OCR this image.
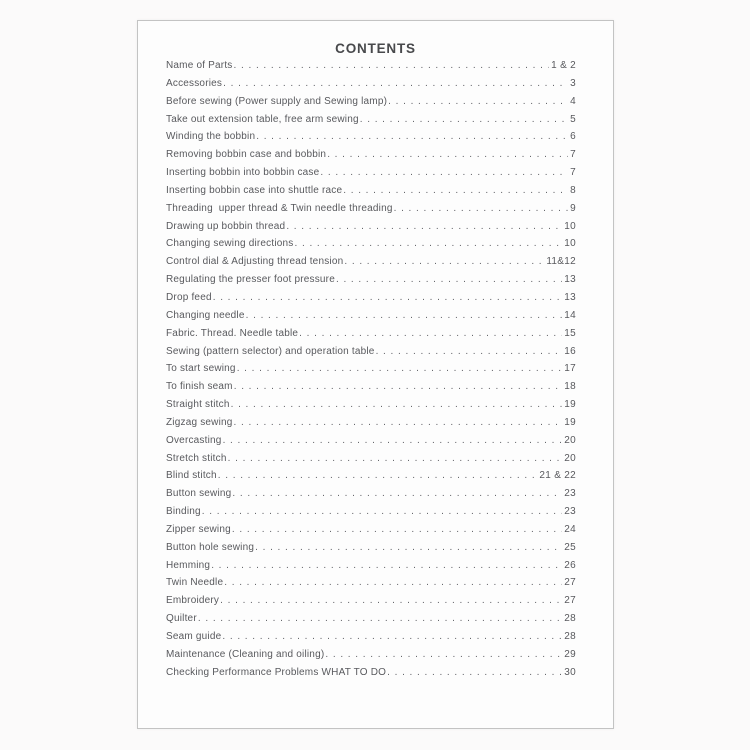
CONTENTS
Name of Parts .....	1 & 2
Accessories .....	3
Before sewing (Power supply and Sewing lamp) .....	4
Take out extension table, free arm sewing .....	5
Winding the bobbin .....	6
Removing bobbin case and bobbin .....	7
Inserting bobbin into bobbin case .....	7
Inserting bobbin case into shuttle race .....	8
Threading  upper thread & Twin needle threading .....	9
Drawing up bobbin thread .....	10
Changing sewing directions .....	10
Control dial & Adjusting thread tension .....	11&12
Regulating the presser foot pressure .....	13
Drop feed .....	13
Changing needle .....	14
Fabric. Thread. Needle table .....	15
Sewing (pattern selector) and operation table .....	16
To start sewing .....	17
To finish seam .....	18
Straight stitch .....	19
Zigzag sewing .....	19
Overcasting .....	20
Stretch stitch .....	20
Blind stitch .....	21 & 22
Button sewing .....	23
Binding .....	23
Zipper sewing .....	24
Button hole sewing .....	25
Hemming .....	26
Twin Needle .....	27
Embroidery .....	27
Quilter .....	28
Seam guide .....	28
Maintenance (Cleaning and oiling) .....	29
Checking Performance Problems WHAT TO DO .....	30
